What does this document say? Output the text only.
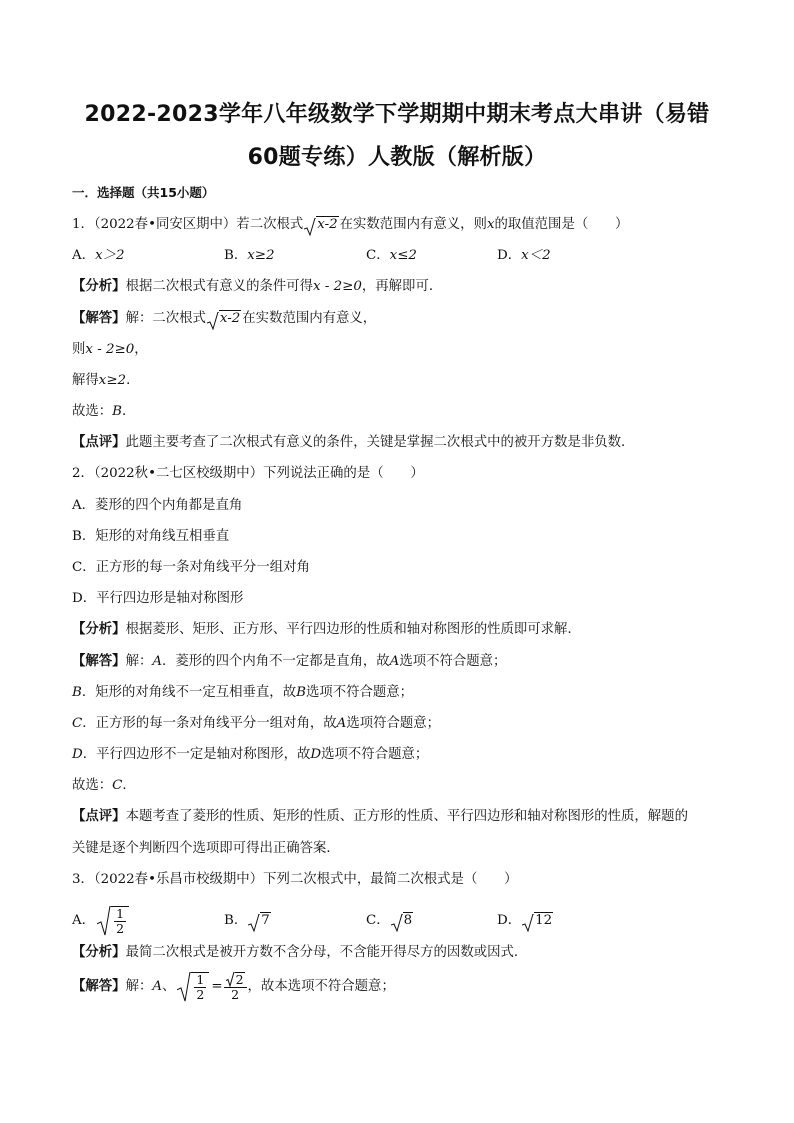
2022-2023学年八年级数学下学期期中期末考点大串讲（易错
60题专练）人教版（解析版）
一．选择题（共15小题）
1．（2022春•同安区期中）若二次根式 x-2 在实数范围内有意义，则x的取值范围是（　　）
A．x＞2	B．x≥2	C．x≤2	D．x＜2
【分析】根据二次根式有意义的条件可得x - 2≥0，再解即可．
【解答】解：二次根式 x-2 在实数范围内有意义，
则x - 2≥0，
解得x≥2．
故选：B．
【点评】此题主要考查了二次根式有意义的条件，关键是掌握二次根式中的被开方数是非负数．
2．（2022秋•二七区校级期中）下列说法正确的是（　　）
A．菱形的四个内角都是直角
B．矩形的对角线互相垂直
C．正方形的每一条对角线平分一组对角
D．平行四边形是轴对称图形
【分析】根据菱形、矩形、正方形、平行四边形的性质和轴对称图形的性质即可求解．
【解答】解：A．菱形的四个内角不一定都是直角，故A选项不符合题意；
B．矩形的对角线不一定互相垂直，故B选项不符合题意；
C．正方形的每一条对角线平分一组对角，故A选项符合题意；
D．平行四边形不一定是轴对称图形，故D选项不符合题意；
故选：C．
【点评】本题考查了菱形的性质、矩形的性质、正方形的性质、平行四边形和轴对称图形的性质，解题的
关键是逐个判断四个选项即可得出正确答案．
3．（2022春•乐昌市校级期中）下列二次根式中，最简二次根式是（　　）
A． $\frac{1}{2}$	B． 7	C． 8	D． 12
【分析】最简二次根式是被开方数不含分母，不含能开得尽方的因数或因式．
【解答】解：A、 $\frac{1}{2} = \frac{2}{2}$ ，故本选项不符合题意；
